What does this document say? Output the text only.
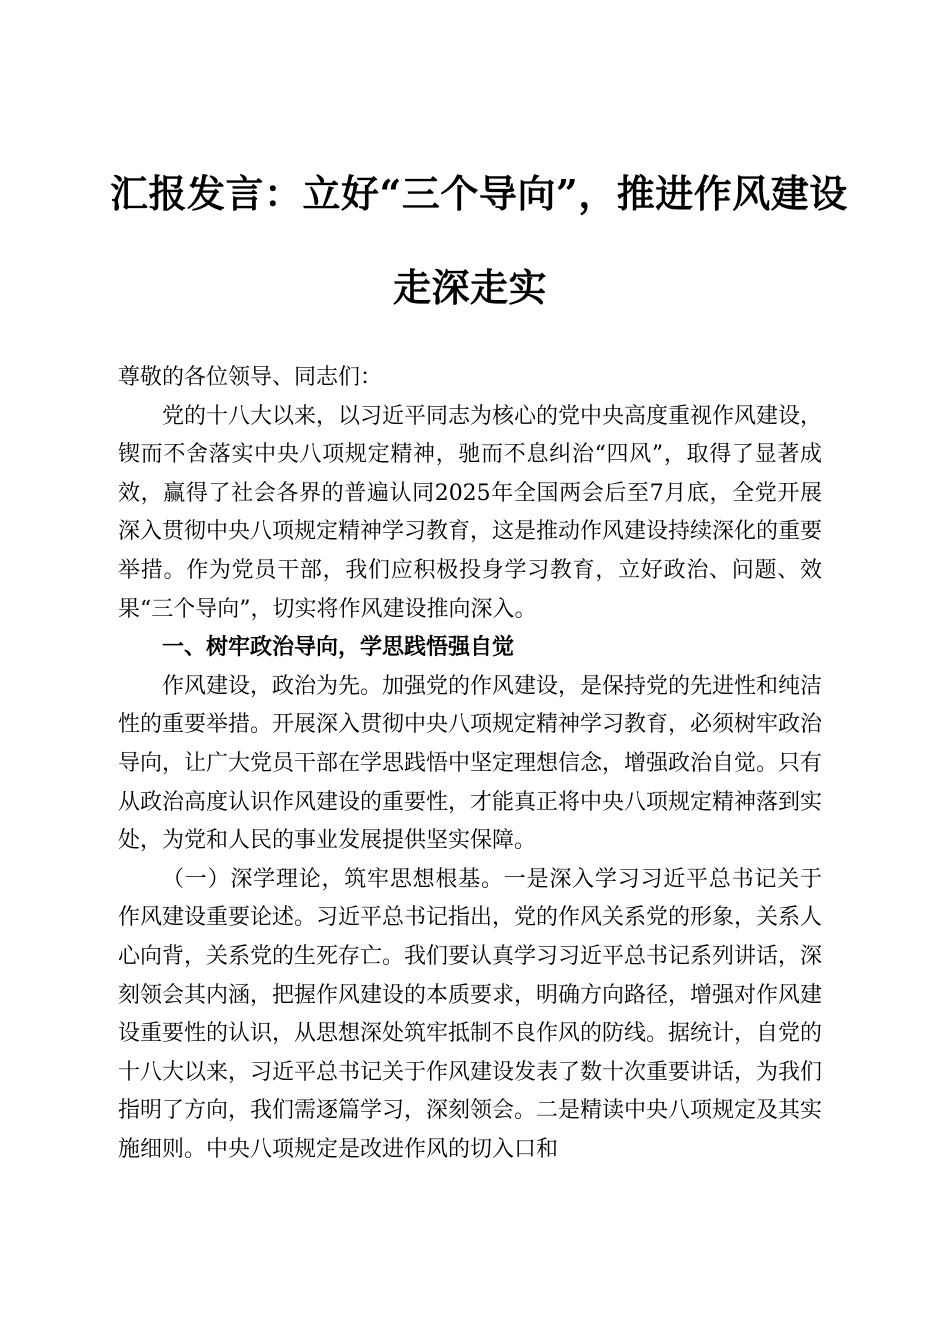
汇报发言：立好“三个导向”，推进作风建设
走深走实

尊敬的各位领导、同志们：

党的十八大以来，以习近平同志为核心的党中央高度重视作风建设，锲而不舍落实中央八项规定精神，驰而不息纠治“四风”，取得了显著成效，赢得了社会各界的普遍认同2025年全国两会后至7月底，全党开展深入贯彻中央八项规定精神学习教育，这是推动作风建设持续深化的重要举措。作为党员干部，我们应积极投身学习教育，立好政治、问题、效果“三个导向”，切实将作风建设推向深入。

一、树牢政治导向，学思践悟强自觉

作风建设，政治为先。加强党的作风建设，是保持党的先进性和纯洁性的重要举措。开展深入贯彻中央八项规定精神学习教育，必须树牢政治导向，让广大党员干部在学思践悟中坚定理想信念，增强政治自觉。只有从政治高度认识作风建设的重要性，才能真正将中央八项规定精神落到实处，为党和人民的事业发展提供坚实保障。

（一）深学理论，筑牢思想根基。一是深入学习习近平总书记关于作风建设重要论述。习近平总书记指出，党的作风关系党的形象，关系人心向背，关系党的生死存亡。我们要认真学习习近平总书记系列讲话，深刻领会其内涵，把握作风建设的本质要求，明确方向路径，增强对作风建设重要性的认识，从思想深处筑牢抵制不良作风的防线。据统计，自党的十八大以来，习近平总书记关于作风建设发表了数十次重要讲话，为我们指明了方向，我们需逐篇学习，深刻领会。二是精读中央八项规定及其实施细则。中央八项规定是改进作风的切入口和
